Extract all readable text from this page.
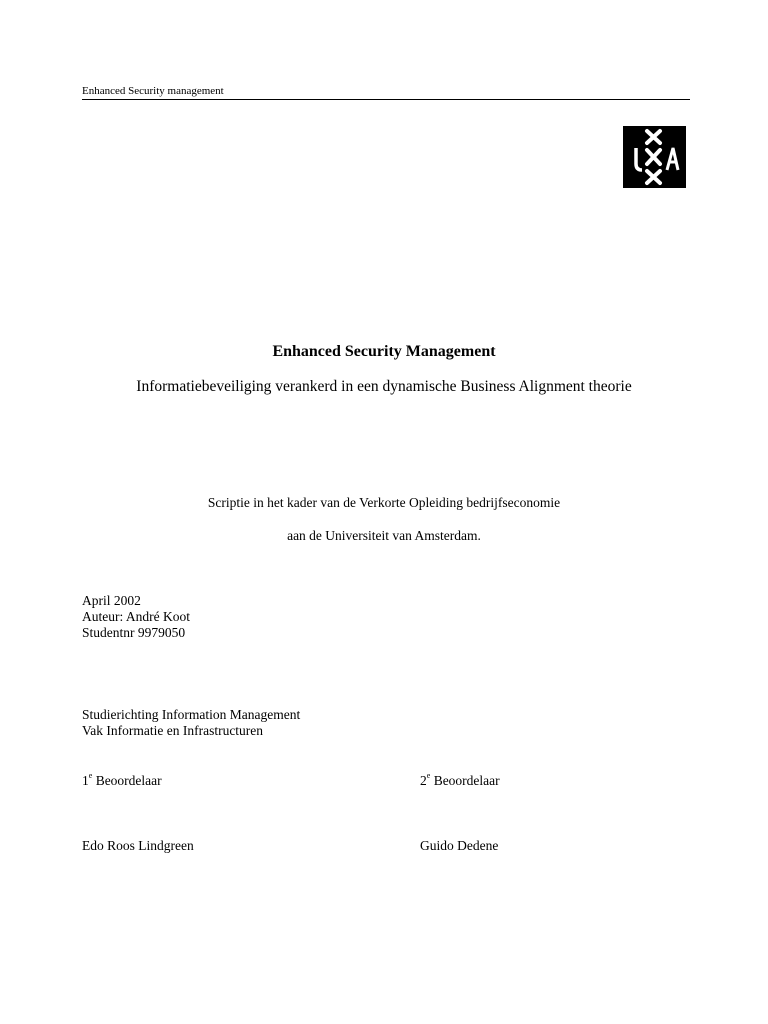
Enhanced Security management
Enhanced Security Management
Informatiebeveiliging verankerd in een dynamische Business Alignment theorie
Scriptie in het kader van de Verkorte Opleiding bedrijfseconomie
aan de Universiteit van Amsterdam.
April 2002
Auteur: André Koot
Studentnr 9979050
Studierichting Information Management
Vak Informatie en Infrastructuren
1e Beoordelaar	2e Beoordelaar
Edo Roos Lindgreen	Guido Dedene
